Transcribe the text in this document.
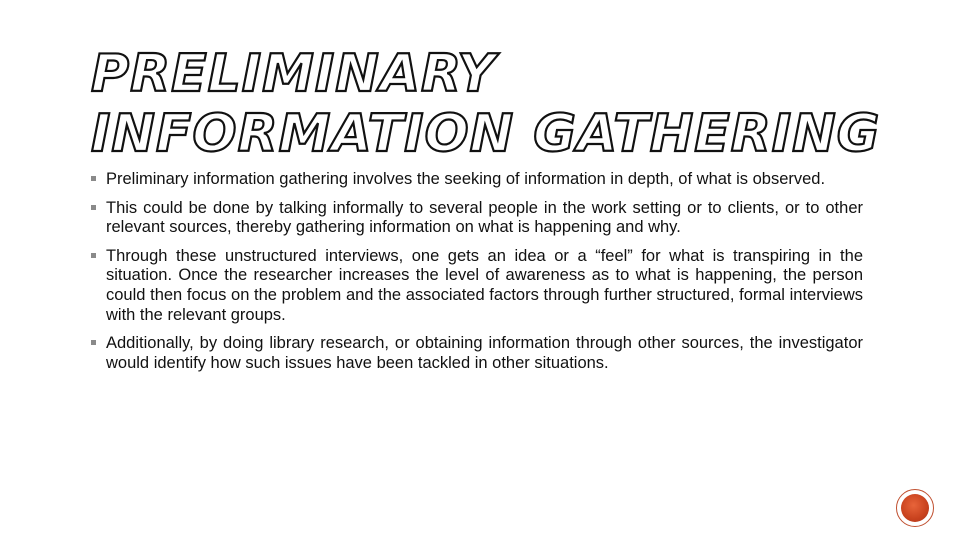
PRELIMINARY INFORMATION GATHERING
Preliminary information gathering involves the seeking of information in depth, of what is observed.
This could be done by talking informally to several people in the work setting or to clients, or to other relevant sources, thereby gathering information on what is happening and why.
Through these unstructured interviews, one gets an idea or a “feel” for what is transpiring in the situation. Once the researcher increases the level of awareness as to what is happening, the person could then focus on the problem and the associated factors through further structured, formal interviews with the relevant groups.
Additionally, by doing library research, or obtaining information through other sources, the investigator would identify how such issues have been tackled in other situations.
